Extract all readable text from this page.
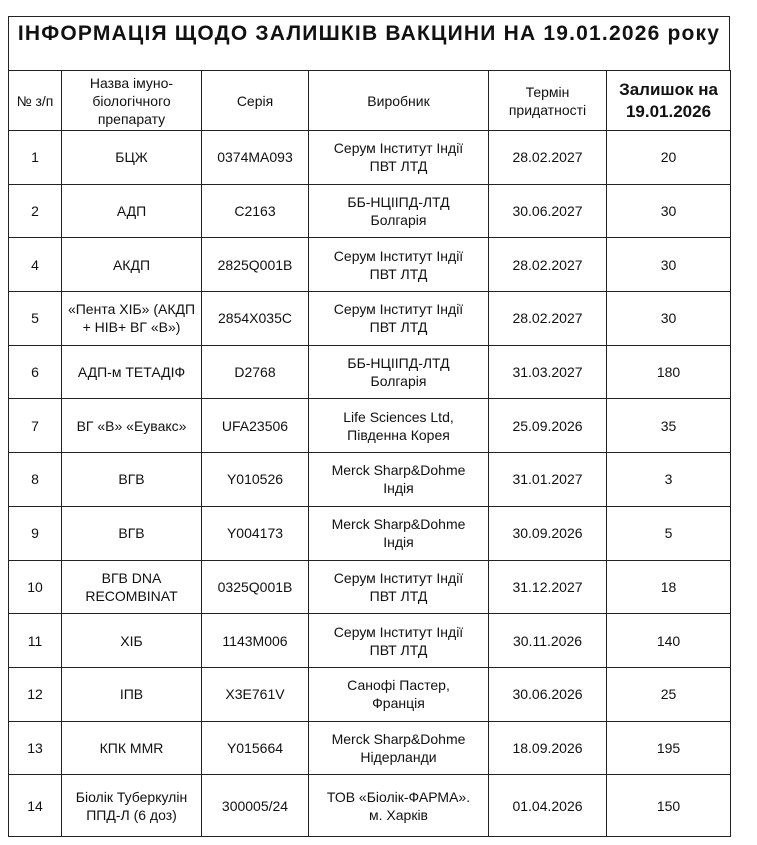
ІНФОРМАЦІЯ ЩОДО ЗАЛИШКІВ ВАКЦИНИ НА 19.01.2026 року
№ з/п	Назва імуно-
біологічного
препарату	Серія	Виробник	Термін
придатності	Залишок на
19.01.2026

1	БЦЖ	0374MA093	Серум Інститут Індії
ПВТ ЛТД	28.02.2027	20

2	АДП	C2163	ББ-НЦІІПД-ЛТД
Болгарія	30.06.2027	30

4	АКДП	2825Q001B	Серум Інститут Індії
ПВТ ЛТД	28.02.2027	30

5	«Пента ХІБ» (АКДП
+ HIB+ ВГ «В»)	2854X035C	Серум Інститут Індії
ПВТ ЛТД	28.02.2027	30

6	АДП-м ТЕТАДІФ	D2768	ББ-НЦІІПД-ЛТД
Болгарія	31.03.2027	180

7	ВГ «В» «Еувакс»	UFA23506	Life Sciences Ltd,
Південна Корея	25.09.2026	35

8	ВГВ	Y010526	Merck Sharp&Dohme
Індія	31.01.2027	3

9	ВГВ	Y004173	Merck Sharp&Dohme
Індія	30.09.2026	5

10	ВГВ DNA
RECOMBINAT	0325Q001B	Серум Інститут Індії
ПВТ ЛТД	31.12.2027	18

11	ХІБ	1143M006	Серум Інститут Індії
ПВТ ЛТД	30.11.2026	140

12	ІПВ	X3E761V	Санофі Пастер,
Франція	30.06.2026	25

13	КПК MMR	Y015664	Merck Sharp&Dohme
Нідерланди	18.09.2026	195

14	Біолік Туберкулін
ППД-Л (6 доз)	300005/24	ТОВ «Біолік-ФАРМА».
м. Харків	01.04.2026	150
